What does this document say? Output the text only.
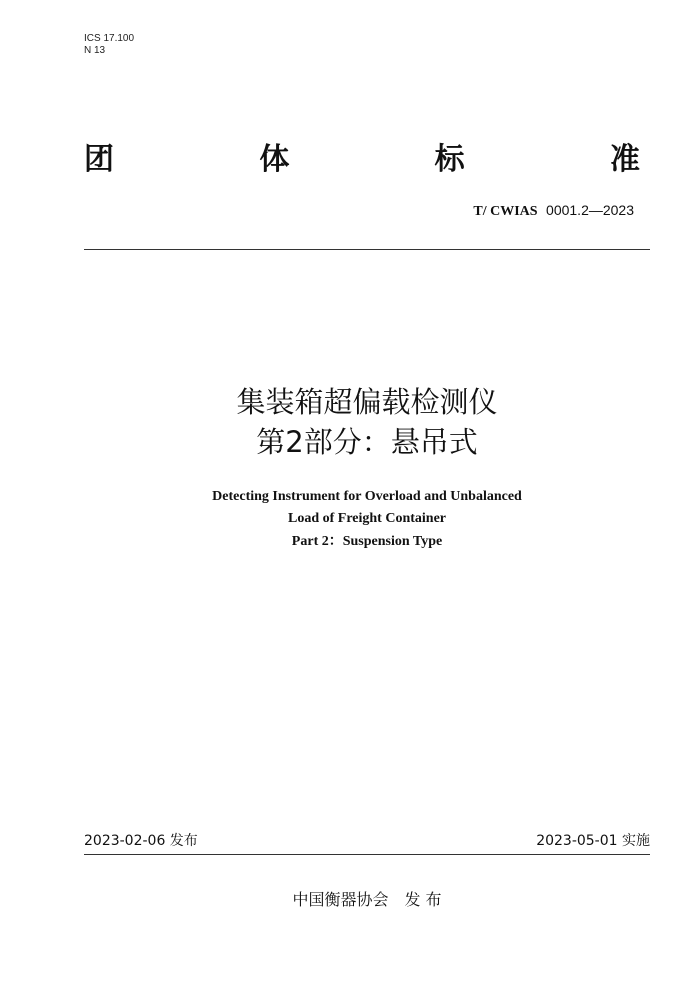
ICS 17.100
N 13
团	体	标	准
T/ CWIAS 0001.2—2023
集装箱超偏载检测仪
第2部分：悬吊式
Detecting Instrument for Overload and Unbalanced
Load of Freight Container
Part 2：Suspension Type
2023-02-06 发布	2023-05-01 实施
中国衡器协会　发 布
